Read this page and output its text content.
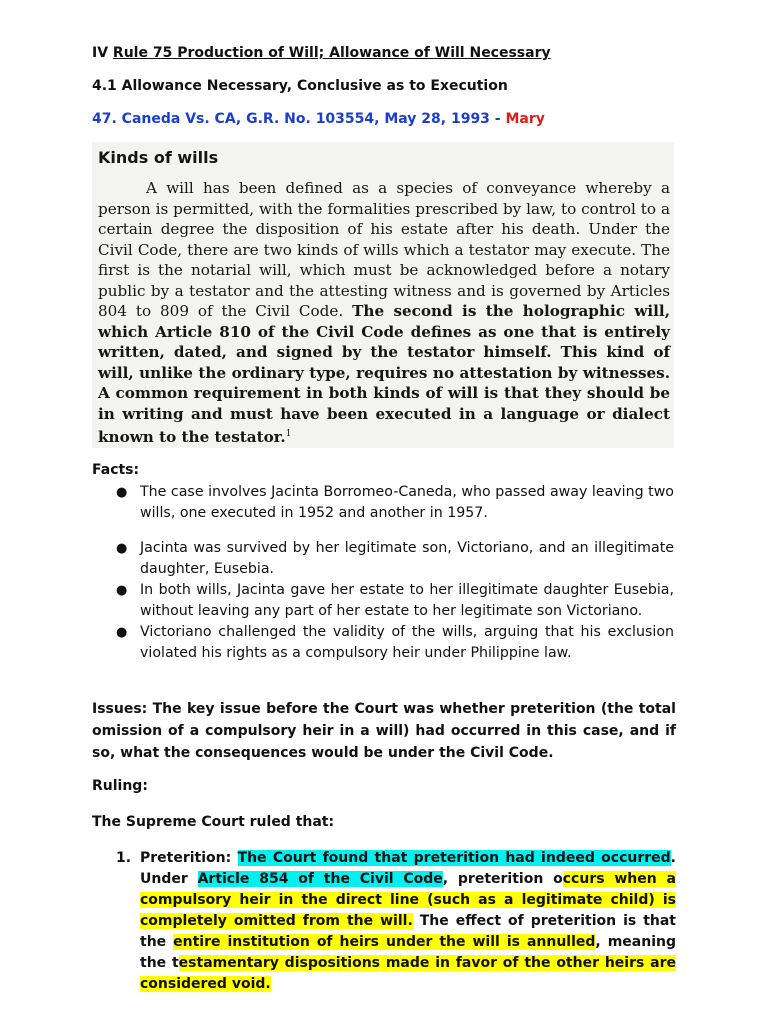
IV Rule 75 Production of Will; Allowance of Will Necessary
4.1 Allowance Necessary, Conclusive as to Execution
47. Caneda Vs. CA, G.R. No. 103554, May 28, 1993 - Mary
Facts:
● The case involves Jacinta Borromeo-Caneda, who passed away leaving two wills, one executed in 1952 and another in 1957.
● Jacinta was survived by her legitimate son, Victoriano, and an illegitimate daughter, Eusebia.
● In both wills, Jacinta gave her estate to her illegitimate daughter Eusebia, without leaving any part of her estate to her legitimate son Victoriano.
● Victoriano challenged the validity of the wills, arguing that his exclusion violated his rights as a compulsory heir under Philippine law.
Issues: The key issue before the Court was whether preterition (the total omission of a compulsory heir in a will) had occurred in this case, and if so, what the consequences would be under the Civil Code.
Ruling:
The Supreme Court ruled that:
1. Preterition: The Court found that preterition had indeed occurred. Under Article 854 of the Civil Code, preterition occurs when a compulsory heir in the direct line (such as a legitimate child) is completely omitted from the will. The effect of preterition is that the entire institution of heirs under the will is annulled, meaning the testamentary dispositions made in favor of the other heirs are considered void.
Kinds of wills
A will has been defined as a species of conveyance whereby a person is permitted, with the formalities prescribed by law, to control to a certain degree the disposition of his estate after his death. Under the Civil Code, there are two kinds of wills which a testator may execute. The first is the notarial will, which must be acknowledged before a notary public by a testator and the attesting witness and is governed by Articles 804 to 809 of the Civil Code. The second is the holographic will, which Article 810 of the Civil Code defines as one that is entirely written, dated, and signed by the testator himself. This kind of will, unlike the ordinary type, requires no attestation by witnesses. A common requirement in both kinds of will is that they should be in writing and must have been executed in a language or dialect known to the testator.$^1$
